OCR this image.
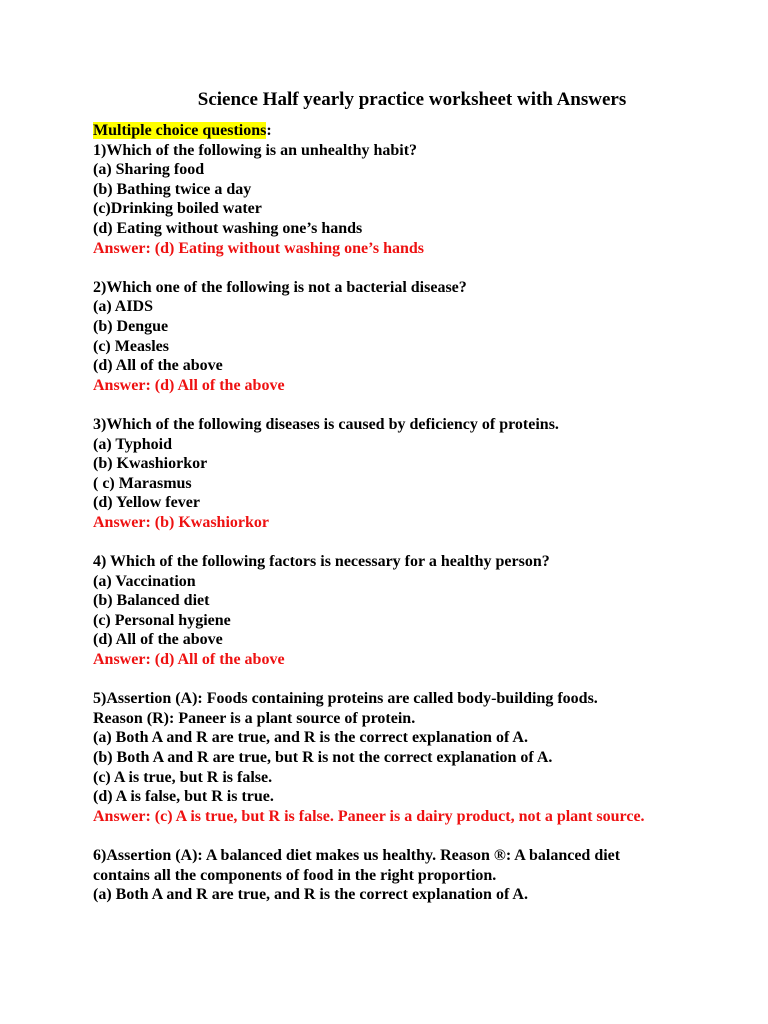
Science Half yearly practice worksheet with Answers

Multiple choice questions:

1)Which of the following is an unhealthy habit?

(a) Sharing food

(b) Bathing twice a day

(c)Drinking boiled water

(d) Eating without washing one’s hands

Answer: (d) Eating without washing one’s hands

2)Which one of the following is not a bacterial disease?

(a) AIDS

(b) Dengue

(c) Measles

(d) All of the above

Answer: (d) All of the above

3)Which of the following diseases is caused by deficiency of proteins.

(a) Typhoid

(b) Kwashiorkor

( c) Marasmus

(d) Yellow fever

Answer: (b) Kwashiorkor

4) Which of the following factors is necessary for a healthy person?

(a) Vaccination

(b) Balanced diet

(c) Personal hygiene

(d) All of the above

Answer: (d) All of the above

5)Assertion (A): Foods containing proteins are called body-building foods.

Reason (R): Paneer is a plant source of protein.

(a) Both A and R are true, and R is the correct explanation of A.

(b) Both A and R are true, but R is not the correct explanation of A.

(c) A is true, but R is false.

(d) A is false, but R is true.

Answer: (c) A is true, but R is false. Paneer is a dairy product, not a plant source.

6)Assertion (A): A balanced diet makes us healthy. Reason ®: A balanced diet contains all the components of food in the right proportion.

(a) Both A and R are true, and R is the correct explanation of A.
